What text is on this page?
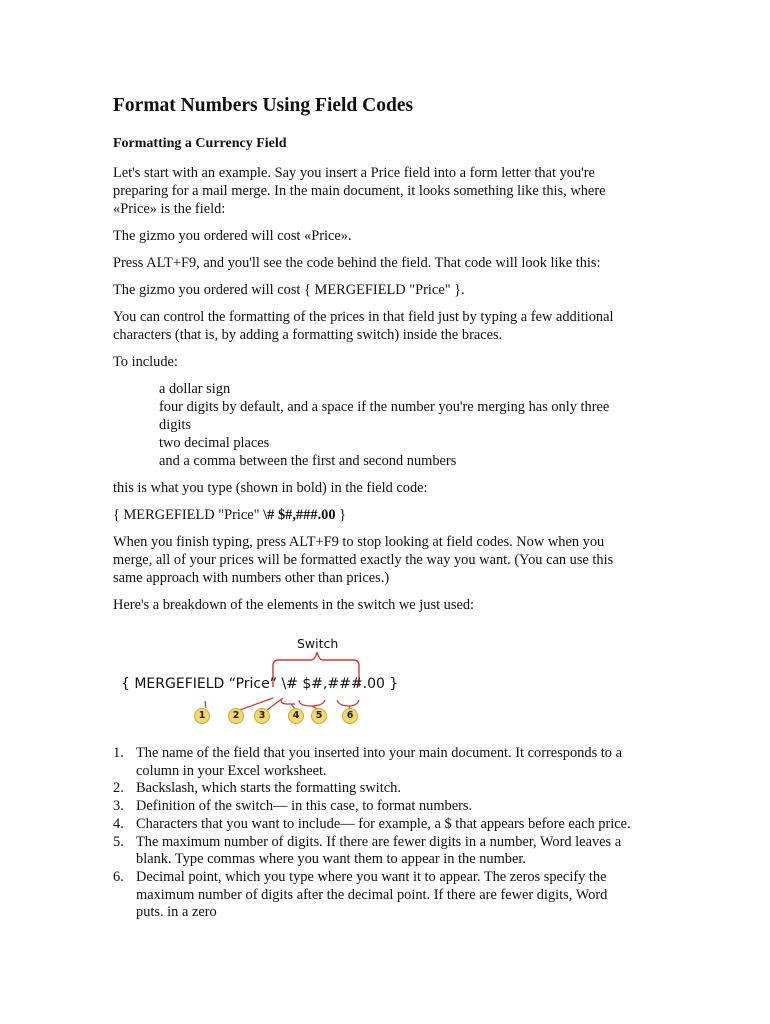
Format Numbers Using Field Codes
Formatting a Currency Field

Let's start with an example. Say you insert a Price field into a form letter that you're

preparing for a mail merge. In the main document, it looks something like this, where

«Price» is the field:

The gizmo you ordered will cost «Price».

Press ALT+F9, and you'll see the code behind the field. That code will look like this:

The gizmo you ordered will cost { MERGEFIELD "Price" }.

You can control the formatting of the prices in that field just by typing a few additional

characters (that is, by adding a formatting switch) inside the braces.

To include:

a dollar sign

four digits by default, and a space if the number you're merging has only three

digits

two decimal places

and a comma between the first and second numbers

this is what you type (shown in bold) in the field code:

{ MERGEFIELD "Price" \# $#,###.00 }

When you finish typing, press ALT+F9 to stop looking at field codes. Now when you

merge, all of your prices will be formatted exactly the way you want. (You can use this

same approach with numbers other than prices.)

Here's a breakdown of the elements in the switch we just used:

Switch
{ MERGEFIELD “Price” \# $#,###.00 }
1	2	3	4	5	6
1. The name of the field that you inserted into your main document. It corresponds to a
column in your Excel worksheet.
2. Backslash, which starts the formatting switch.
3. Definition of the switch— in this case, to format numbers.
4. Characters that you want to include— for example, a $ that appears before each price.
5. The maximum number of digits. If there are fewer digits in a number, Word leaves a
blank. Type commas where you want them to appear in the number.
6. Decimal point, which you type where you want it to appear. The zeros specify the
maximum number of digits after the decimal point. If there are fewer digits, Word
puts. in a zero
